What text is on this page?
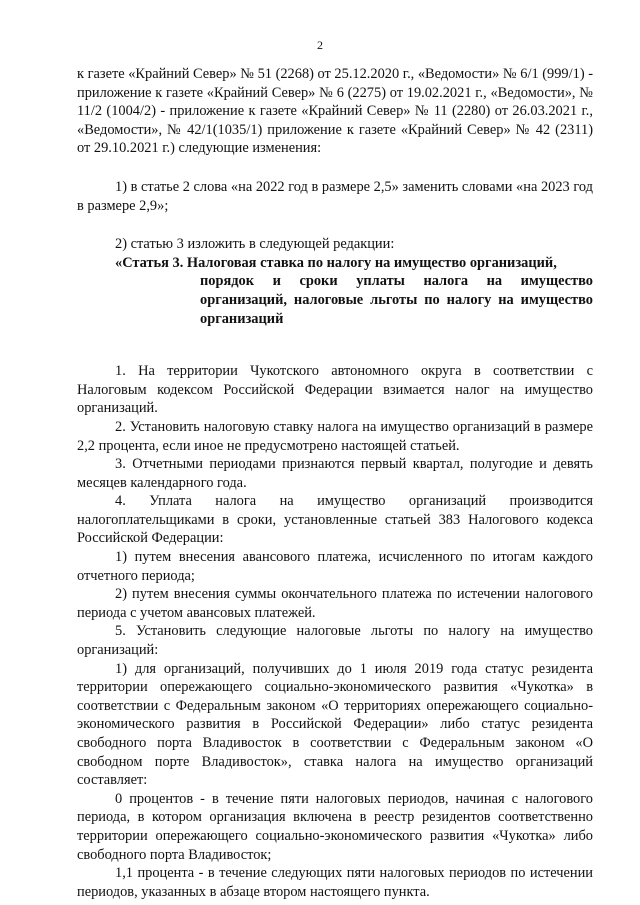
2

к газете «Крайний Север» № 51 (2268) от 25.12.2020 г., «Ведомости» № 6/1 (999/1) - приложение к газете «Крайний Север» № 6 (2275) от 19.02.2021 г., «Ведомости», № 11/2 (1004/2) - приложение к газете «Крайний Север» № 11 (2280) от 26.03.2021 г., «Ведомости», № 42/1(1035/1) приложение к газете «Крайний Север» № 42 (2311) от 29.10.2021 г.) следующие изменения:

1) в статье 2 слова «на 2022 год в размере 2,5» заменить словами «на 2023 год в размере 2,9»;

2) статью 3 изложить в следующей редакции:

«Статья 3. Налоговая ставка по налогу на имущество организаций,
порядок и сроки уплаты налога на имущество организаций, налоговые льготы по налогу на имущество организаций

1. На территории Чукотского автономного округа в соответствии с Налоговым кодексом Российской Федерации взимается налог на имущество организаций.

2. Установить налоговую ставку налога на имущество организаций в размере 2,2 процента, если иное не предусмотрено настоящей статьей.

3. Отчетными периодами признаются первый квартал, полугодие и девять месяцев календарного года.

4. Уплата налога на имущество организаций производится налогоплательщиками в сроки, установленные статьей 383 Налогового кодекса Российской Федерации:

1) путем внесения авансового платежа, исчисленного по итогам каждого отчетного периода;

2) путем внесения суммы окончательного платежа по истечении налогового периода с учетом авансовых платежей.

5. Установить следующие налоговые льготы по налогу на имущество организаций:

1) для организаций, получивших до 1 июля 2019 года статус резидента территории опережающего социально-экономического развития «Чукотка» в соответствии с Федеральным законом «О территориях опережающего социально-экономического развития в Российской Федерации» либо статус резидента свободного порта Владивосток в соответствии с Федеральным законом «О свободном порте Владивосток», ставка налога на имущество организаций составляет:

0 процентов - в течение пяти налоговых периодов, начиная с налогового периода, в котором организация включена в реестр резидентов соответственно территории опережающего социально-экономического развития «Чукотка» либо свободного порта Владивосток;

1,1 процента - в течение следующих пяти налоговых периодов по истечении периодов, указанных в абзаце втором настоящего пункта.
